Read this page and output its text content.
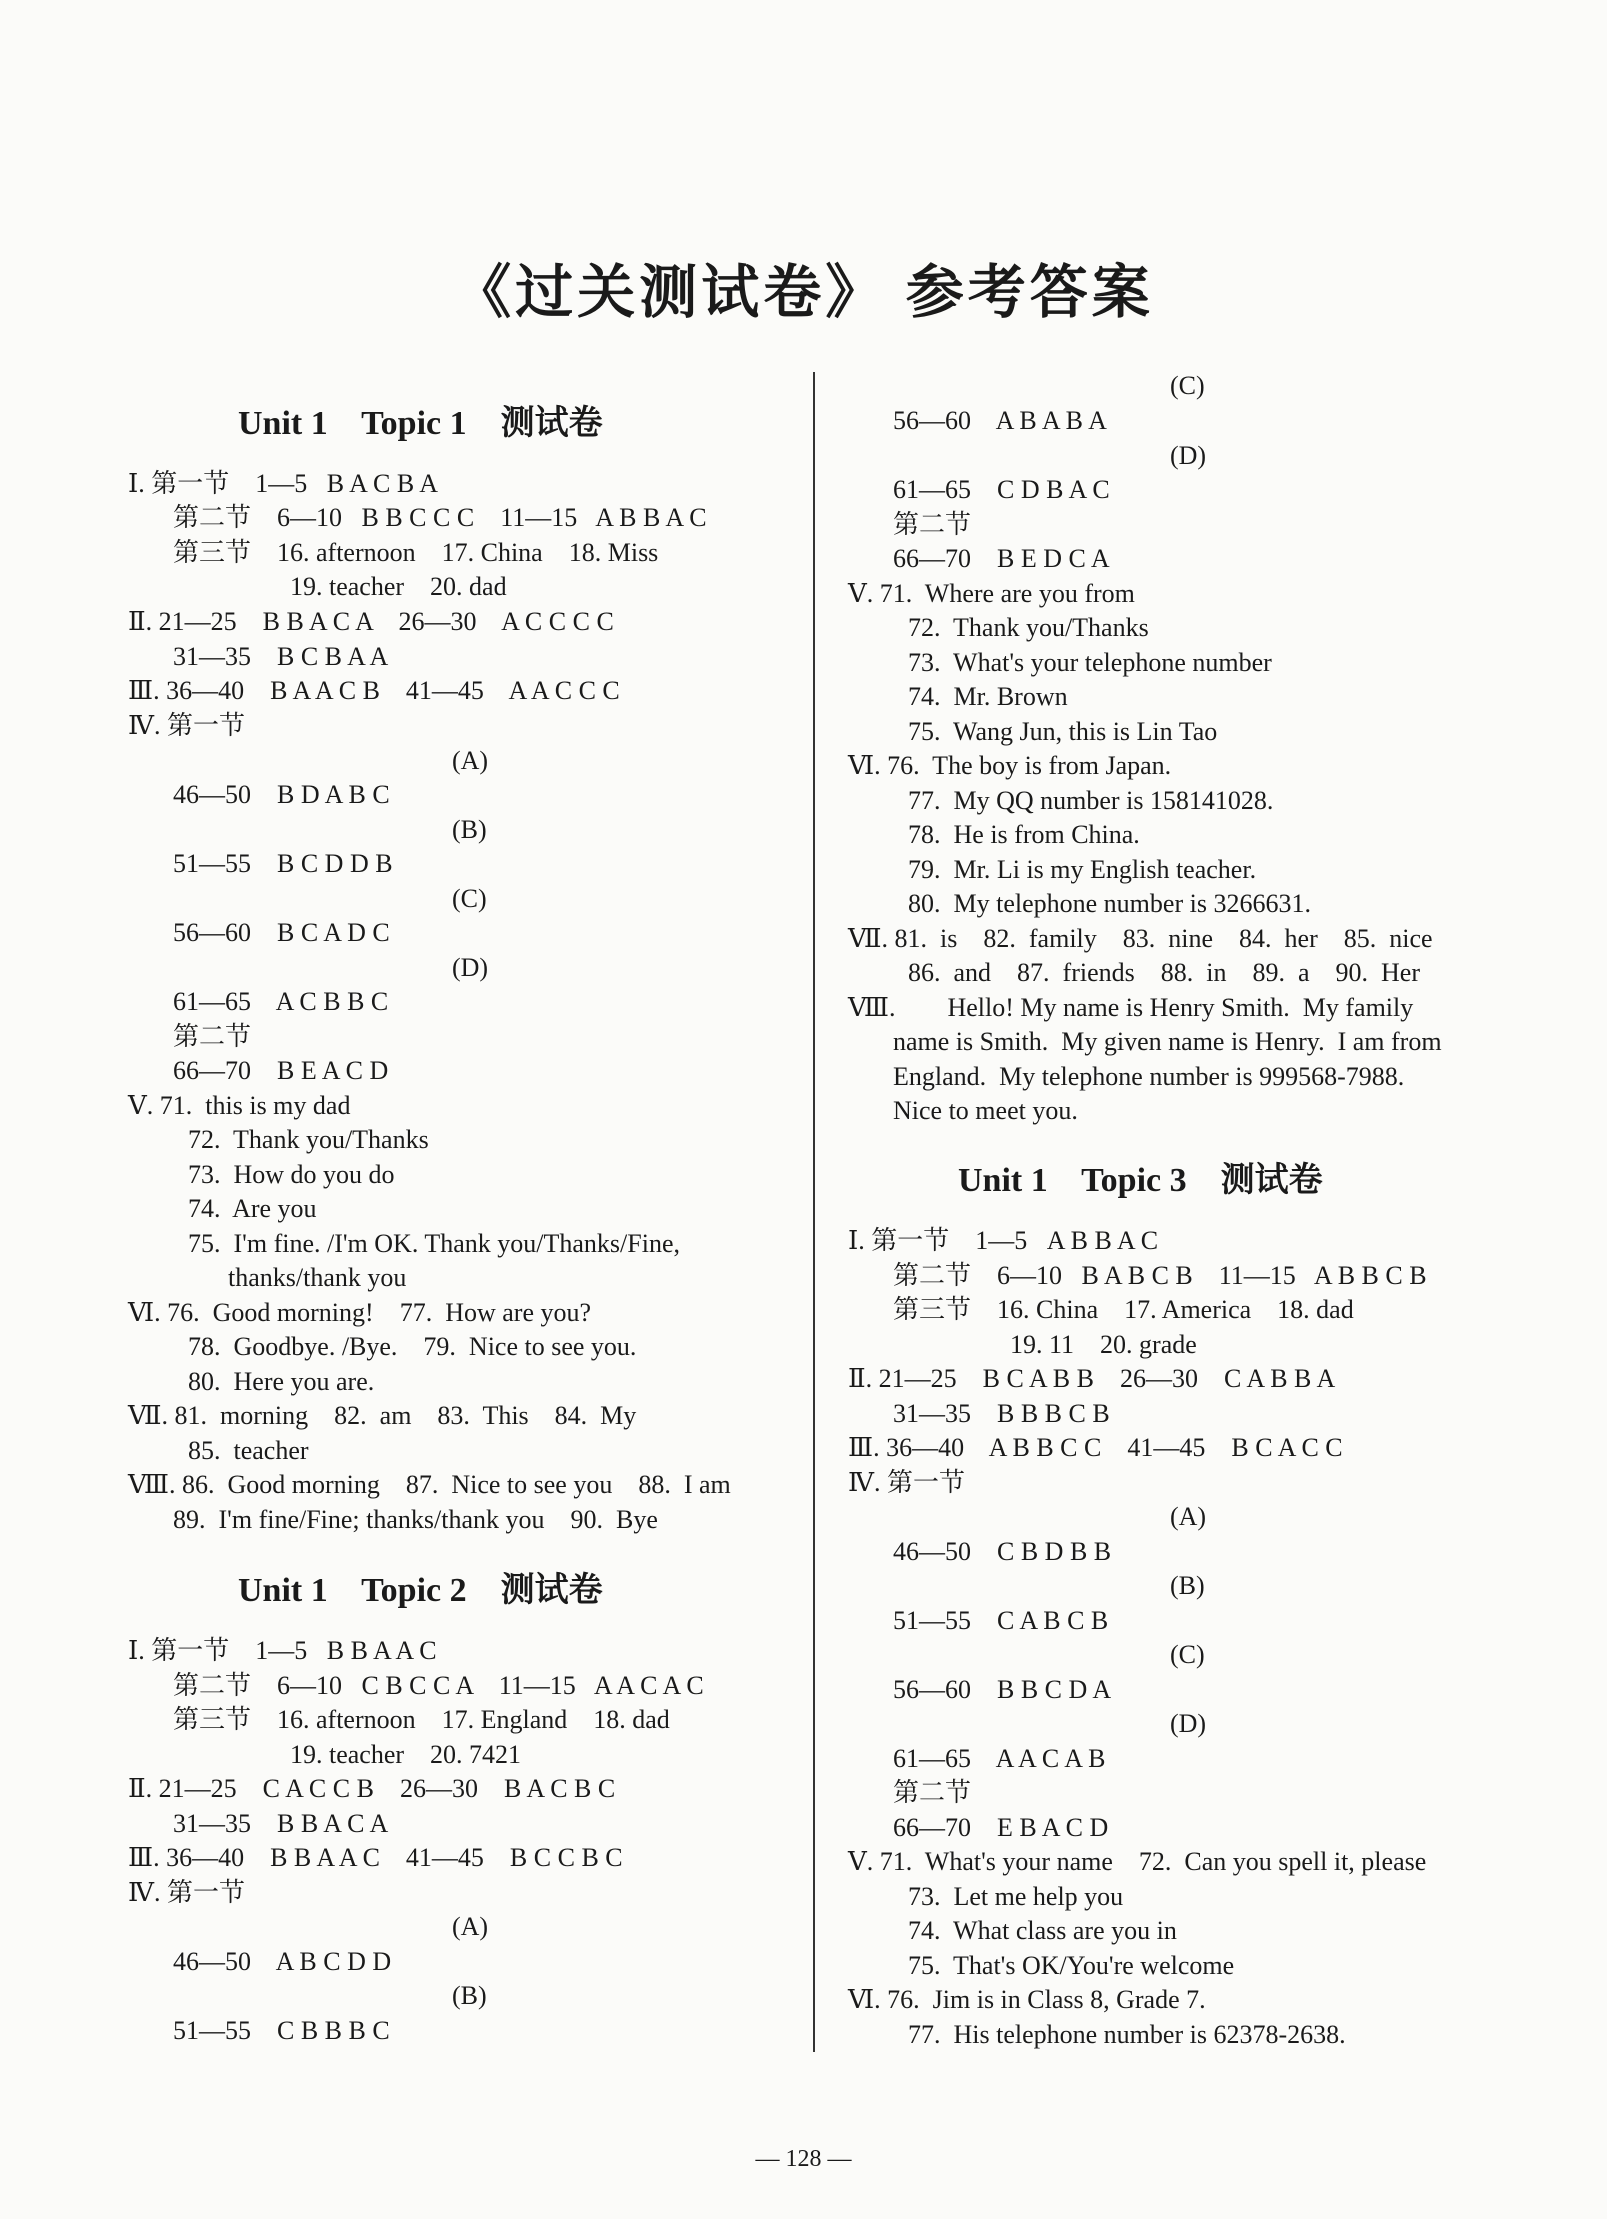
《过关测试卷》 参考答案
Unit 1    Topic 1    测试卷
Ⅰ. 第一节    1—5   B A C B A
第二节    6—10   B B C C C    11—15   A B B A C
第三节    16. afternoon    17. China    18. Miss
19. teacher    20. dad
Ⅱ. 21—25    B B A C A    26—30    A C C C C
31—35    B C B A A
Ⅲ. 36—40    B A A C B    41—45    A A C C C
Ⅳ. 第一节
(A)
46—50    B D A B C
(B)
51—55    B C D D B
(C)
56—60    B C A D C
(D)
61—65    A C B B C
第二节
66—70    B E A C D
Ⅴ. 71.  this is my dad
72.  Thank you/Thanks
73.  How do you do
74.  Are you
75.  I'm fine. /I'm OK. Thank you/Thanks/Fine,
thanks/thank you
Ⅵ. 76.  Good morning!    77.  How are you?
78.  Goodbye. /Bye.    79.  Nice to see you.
80.  Here you are.
Ⅶ. 81.  morning    82.  am    83.  This    84.  My
85.  teacher
Ⅷ. 86.  Good morning    87.  Nice to see you    88.  I am
89.  I'm fine/Fine; thanks/thank you    90.  Bye
Unit 1    Topic 2    测试卷
Ⅰ. 第一节    1—5   B B A A C
第二节    6—10   C B C C A    11—15   A A C A C
第三节    16. afternoon    17. England    18. dad
19. teacher    20. 7421
Ⅱ. 21—25    C A C C B    26—30    B A C B C
31—35    B B A C A
Ⅲ. 36—40    B B A A C    41—45    B C C B C
Ⅳ. 第一节
(A)
46—50    A B C D D
(B)
51—55    C B B B C
(C)
56—60    A B A B A
(D)
61—65    C D B A C
第二节
66—70    B E D C A
Ⅴ. 71.  Where are you from
72.  Thank you/Thanks
73.  What's your telephone number
74.  Mr. Brown
75.  Wang Jun, this is Lin Tao
Ⅵ. 76.  The boy is from Japan.
77.  My QQ number is 158141028.
78.  He is from China.
79.  Mr. Li is my English teacher.
80.  My telephone number is 3266631.
Ⅶ. 81.  is    82.  family    83.  nine    84.  her    85.  nice
86.  and    87.  friends    88.  in    89.  a    90.  Her
Ⅷ.        Hello! My name is Henry Smith.  My family
name is Smith.  My given name is Henry.  I am from
England.  My telephone number is 999568-7988.
Nice to meet you.
Unit 1    Topic 3    测试卷
Ⅰ. 第一节    1—5   A B B A C
第二节    6—10   B A B C B    11—15   A B B C B
第三节    16. China    17. America    18. dad
19. 11    20. grade
Ⅱ. 21—25    B C A B B    26—30    C A B B A
31—35    B B B C B
Ⅲ. 36—40    A B B C C    41—45    B C A C C
Ⅳ. 第一节
(A)
46—50    C B D B B
(B)
51—55    C A B C B
(C)
56—60    B B C D A
(D)
61—65    A A C A B
第二节
66—70    E B A C D
Ⅴ. 71.  What's your name    72.  Can you spell it, please
73.  Let me help you
74.  What class are you in
75.  That's OK/You're welcome
Ⅵ. 76.  Jim is in Class 8, Grade 7.
77.  His telephone number is 62378-2638.
— 128 —
